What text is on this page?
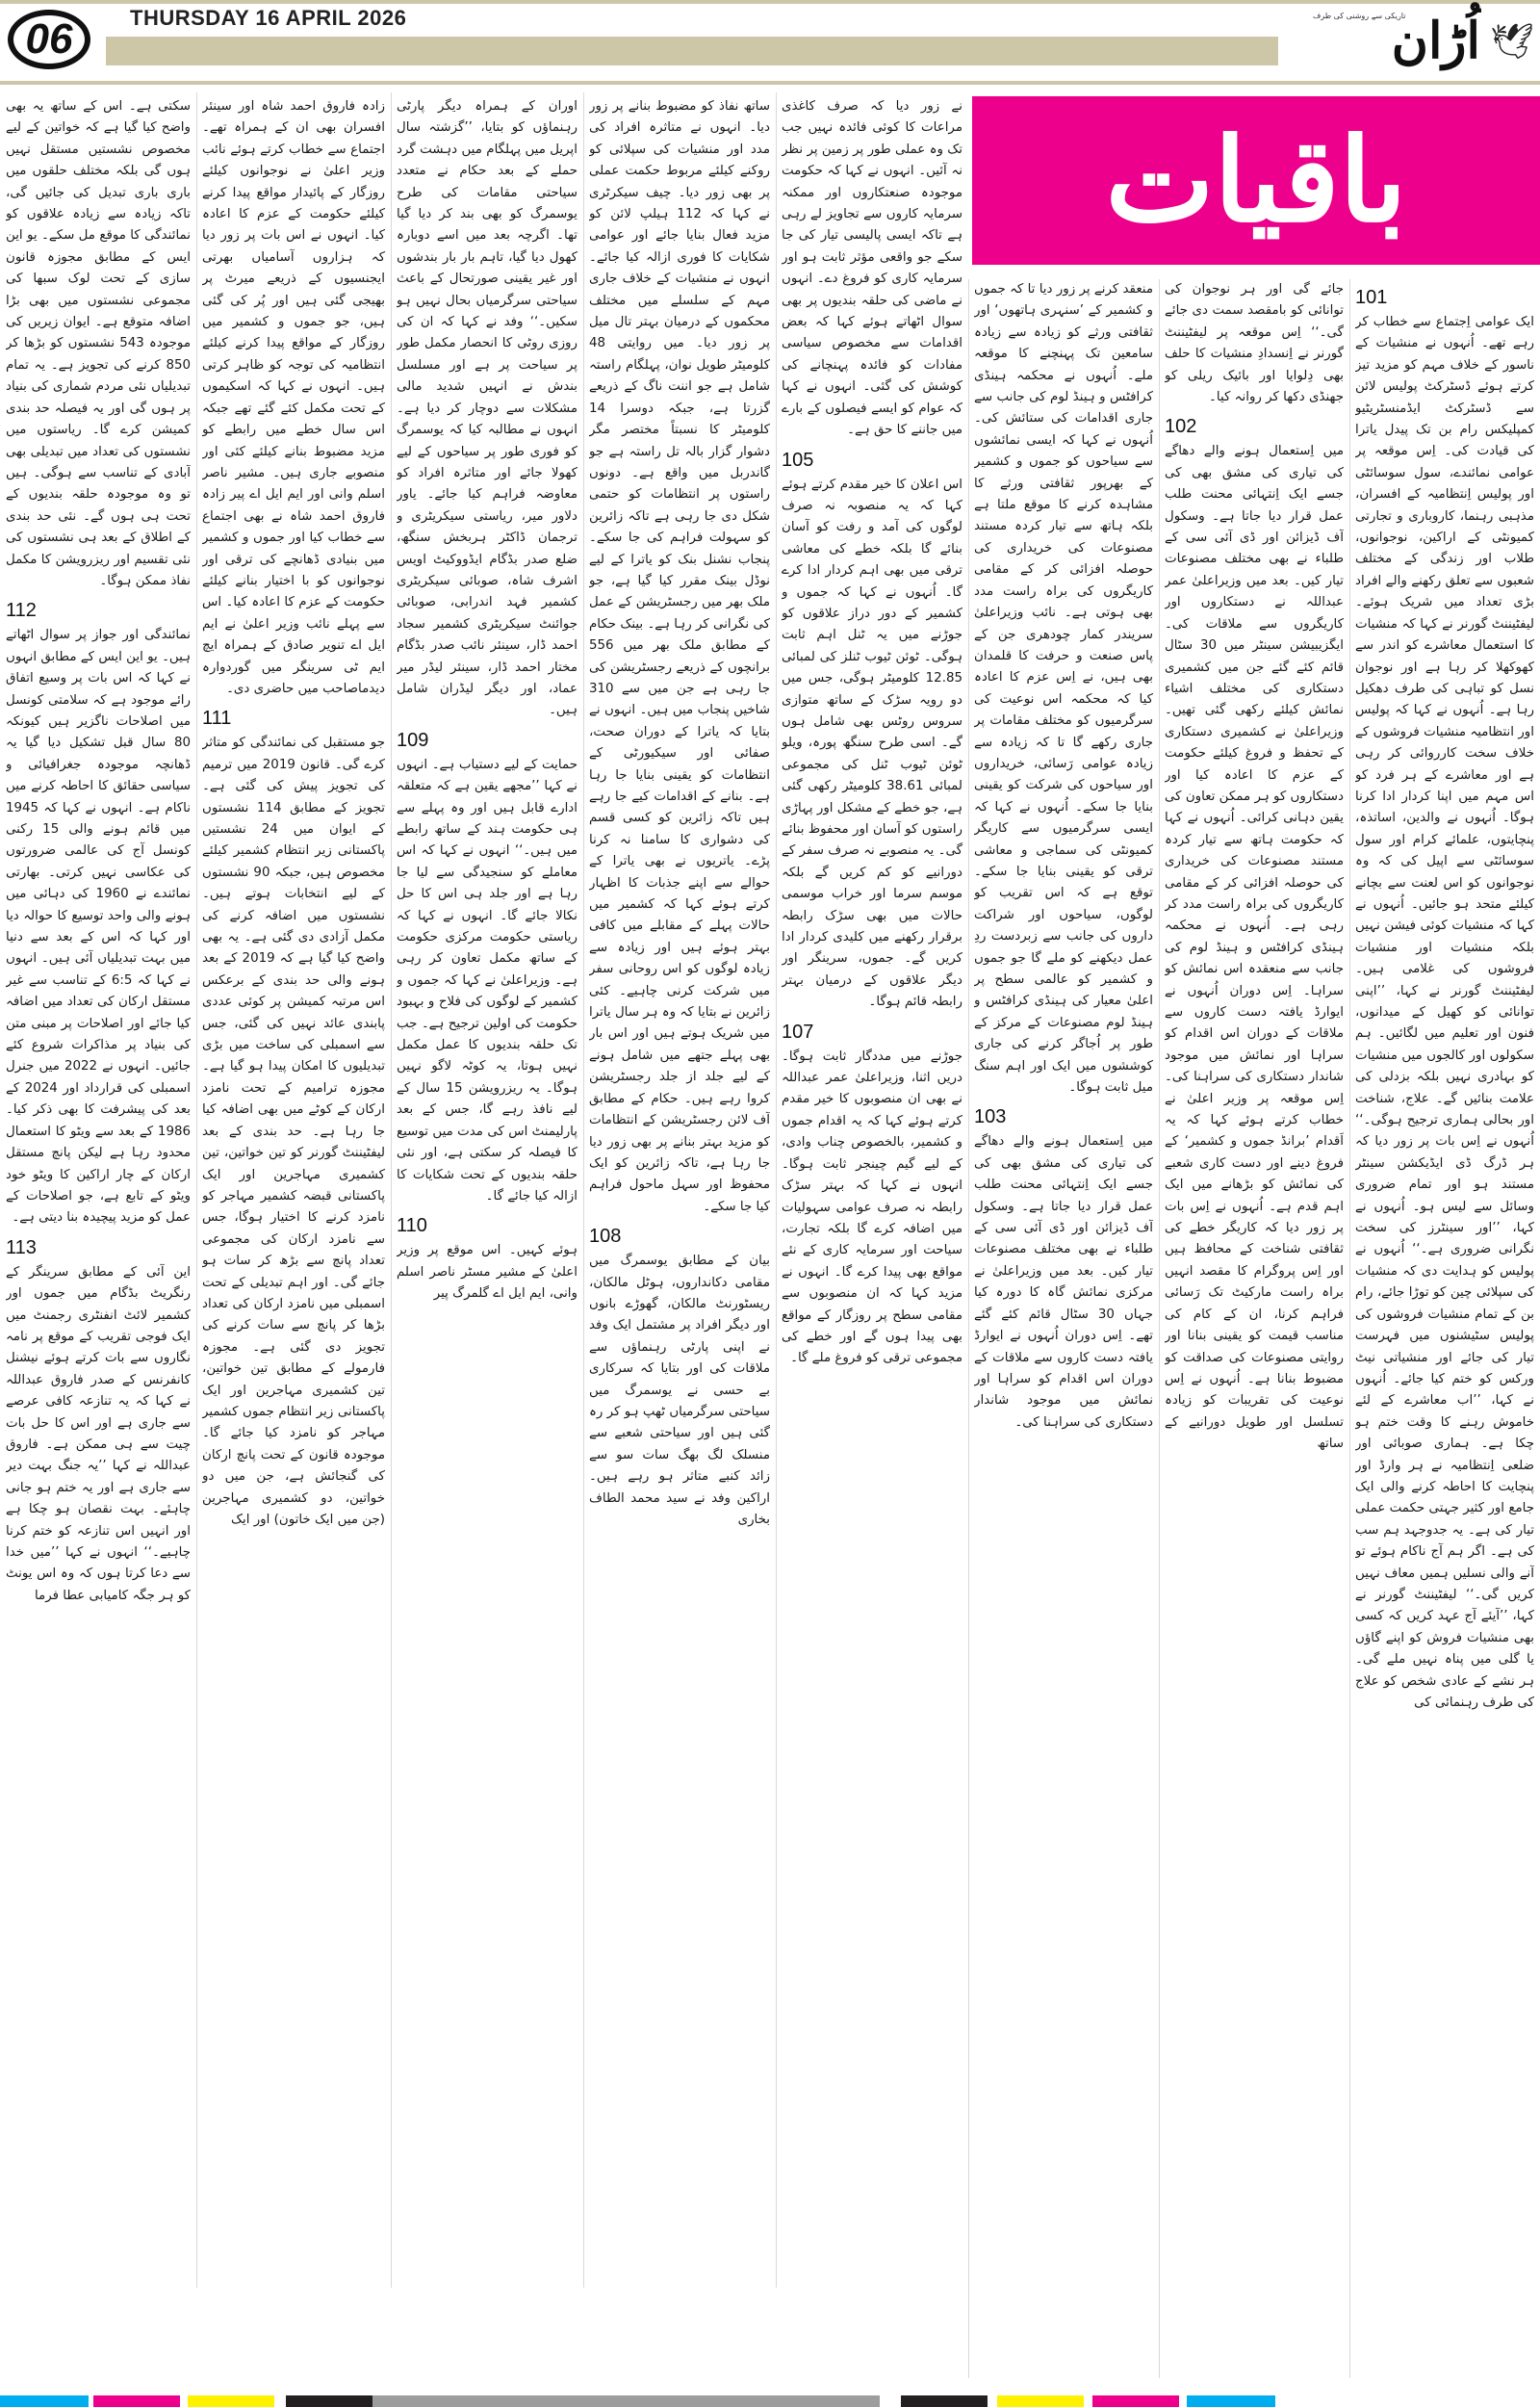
06	THURSDAY 16 APRIL 2026	تاریکی سے روشنی کی طرف
اُڑان 🕊
باقیات
101

ایک عوامی اِجتماع سے خطاب کر رہے تھے۔ اُنہوں نے منشیات کے ناسور کے خلاف مہم کو مزید تیز کرتے ہوئے ڈسٹرکٹ پولیس لائن سے ڈسٹرکٹ ایڈمنسٹریٹیو کمپلیکس رام بن تک پیدل یاترا کی قیادت کی۔ اِس موقعہ پر عوامی نمائندے، سول سوسائٹی اور پولیس اِنتظامیہ کے افسران، مذہبی رہنما، کاروباری و تجارتی کمیونٹی کے اراکین، نوجوانوں، طلاب اور زندگی کے مختلف شعبوں سے تعلق رکھنے والے افراد بڑی تعداد میں شریک ہوئے۔ لیفٹیننٹ گورنر نے کہا کہ منشیات کا استعمال معاشرے کو اندر سے کھوکھلا کر رہا ہے اور نوجوان نسل کو تباہی کی طرف دھکیل رہا ہے۔ اُنہوں نے کہا کہ پولیس اور انتظامیہ منشیات فروشوں کے خلاف سخت کارروائی کر رہی ہے اور معاشرے کے ہر فرد کو اس مہم میں اپنا کردار ادا کرنا ہوگا۔ اُنہوں نے والدین، اساتذہ، پنچایتوں، علمائے کرام اور سول سوسائٹی سے اپیل کی کہ وہ نوجوانوں کو اس لعنت سے بچانے کیلئے متحد ہو جائیں۔ اُنہوں نے کہا کہ منشیات کوئی فیشن نہیں بلکہ منشیات اور منشیات فروشوں کی غلامی ہیں۔ لیفٹیننٹ گورنر نے کہا، ’’اپنی توانائی کو کھیل کے میدانوں، فنون اور تعلیم میں لگائیں۔ ہم سکولوں اور کالجوں میں منشیات کو بہادری نہیں بلکہ بزدلی کی علامت بنائیں گے۔ علاج، شناخت اور بحالی ہماری ترجیح ہوگی۔‘‘ اُنہوں نے اِس بات پر زور دیا کہ ہر ڈرگ ڈی ایڈیکشن سینٹر مستند ہو اور تمام ضروری وسائل سے لیس ہو۔ اُنہوں نے کہا، ’’اور سینٹرز کی سخت نگرانی ضروری ہے۔‘‘ اُنہوں نے پولیس کو ہدایت دی کہ منشیات کی سپلائی چین کو توڑا جائے، رام بن کے تمام منشیات فروشوں کی پولیس سٹیشنوں میں فہرست تیار کی جائے اور منشیاتی نیٹ ورکس کو ختم کیا جائے۔ اُنہوں نے کہا، ’’اب معاشرے کے لئے خاموش رہنے کا وقت ختم ہو چکا ہے۔ ہماری صوبائی اور ضلعی اِنتظامیہ نے ہر وارڈ اور پنچایت کا احاطہ کرنے والی ایک جامع اور کثیر جہتی حکمت عملی تیار کی ہے۔ یہ جدوجہد ہم سب کی ہے۔ اگر ہم آج ناکام ہوئے تو آنے والی نسلیں ہمیں معاف نہیں کریں گی۔‘‘ لیفٹیننٹ گورنر نے کہا، ’’آیئے آج عہد کریں کہ کسی بھی منشیات فروش کو اپنے گاؤں یا گلی میں پناہ نہیں ملے گی۔ ہر نشے کے عادی شخص کو علاج کی طرف رہنمائی کی

جائے گی اور ہر نوجوان کی توانائی کو بامقصد سمت دی جائے گی۔‘‘ اِس موقعہ پر لیفٹیننٹ گورنر نے اِنسدادِ منشیات کا حلف بھی دِلوایا اور بائیک ریلی کو جھنڈی دکھا کر روانہ کیا۔

102

میں اِستعمال ہونے والے دھاگے کی تیاری کی مشق بھی کی جسے ایک اِنتہائی محنت طلب عمل قرار دیا جاتا ہے۔ وسکول آف ڈیزائن اور ڈی آئی سی کے طلباء نے بھی مختلف مصنوعات تیار کیں۔ بعد میں وزیراعلیٰ عمر عبداللہ نے دستکاروں اور کاریگروں سے ملاقات کی۔ ایگزیبیشن سینٹر میں 30 سٹال قائم کئے گئے جن میں کشمیری دستکاری کی مختلف اشیاء نمائش کیلئے رکھی گئی تھیں۔ وزیراعلیٰ نے کشمیری دستکاری کے تحفظ و فروغ کیلئے حکومت کے عزم کا اعادہ کیا اور دستکاروں کو ہر ممکن تعاون کی یقین دہانی کرائی۔ اُنہوں نے کہا کہ حکومت ہاتھ سے تیار کردہ مستند مصنوعات کی خریداری کی حوصلہ افزائی کر کے مقامی کاریگروں کی براہ راست مدد کر رہی ہے۔ اُنہوں نے محکمہ ہینڈی کرافٹس و ہینڈ لوم کی جانب سے منعقدہ اس نمائش کو سراہا۔ اِس دوران اُنہوں نے ایوارڈ یافتہ دست کاروں سے ملاقات کے دوران اس اقدام کو سراہا اور نمائش میں موجود شاندار دستکاری کی سراہنا کی۔ اِس موقعہ پر وزیر اعلیٰ نے خطاب کرتے ہوئے کہا کہ یہ اَقدام ’برانڈ جموں و کشمیر‘ کے فروغ دینے اور دست کاری شعبے کی نمائش کو بڑھانے میں ایک اہم قدم ہے۔ اُنہوں نے اِس بات پر زور دیا کہ کاریگر خطے کی ثقافتی شناخت کے محافظ ہیں اور اِس پروگرام کا مقصد انہیں براہ راست مارکیٹ تک رَسائی فراہم کرنا، ان کے کام کی مناسب قیمت کو یقینی بنانا اور روایتی مصنوعات کی صداقت کو مضبوط بنانا ہے۔ اُنہوں نے اِس نوعیت کی تقریبات کو زیادہ تسلسل اور طویل دورانیے کے ساتھ

منعقد کرنے پر زور دیا تا کہ جموں و کشمیر کے ’سنہری ہاتھوں‘ اور ثقافتی ورثے کو زیادہ سے زیادہ سامعین تک پہنچنے کا موقعہ ملے۔ اُنہوں نے محکمہ ہینڈی کرافٹس و ہینڈ لوم کی جانب سے جاری اقدامات کی ستائش کی۔ اُنہوں نے کہا کہ ایسی نمائشوں سے سیاحوں کو جموں و کشمیر کے بھرپور ثقافتی ورثے کا مشاہدہ کرنے کا موقع ملتا ہے بلکہ ہاتھ سے تیار کردہ مستند مصنوعات کی خریداری کی حوصلہ افزائی کر کے مقامی کاریگروں کی براہ راست مدد بھی ہوتی ہے۔ نائب وزیراعلیٰ سریندر کمار چودھری جن کے پاس صنعت و حرفت کا قلمدان بھی ہیں، نے اِس عزم کا اعادہ کیا کہ محکمہ اس نوعیت کی سرگرمیوں کو مختلف مقامات پر جاری رکھے گا تا کہ زیادہ سے زیادہ عوامی رَسائی، خریداروں اور سیاحوں کی شرکت کو یقینی بنایا جا سکے۔ اُنہوں نے کہا کہ ایسی سرگرمیوں سے کاریگر کمیونٹی کی سماجی و معاشی ترقی کو یقینی بنایا جا سکے۔ توقع ہے کہ اس تقریب کو لوگوں، سیاحوں اور شراکت داروں کی جانب سے زبردست ردِ عمل دیکھنے کو ملے گا جو جموں و کشمیر کو عالمی سطح پر اعلیٰ معیار کی ہینڈی کرافٹس و ہینڈ لوم مصنوعات کے مرکز کے طور پر اُجاگر کرنے کی جاری کوششوں میں ایک اور اہم سنگ میل ثابت ہوگا۔

103

میں اِستعمال ہونے والے دھاگے کی تیاری کی مشق بھی کی جسے ایک اِنتہائی محنت طلب عمل قرار دیا جاتا ہے۔ وسکول آف ڈیزائن اور ڈی آئی سی کے طلباء نے بھی مختلف مصنوعات تیار کیں۔ بعد میں وزیراعلیٰ نے مرکزی نمائش گاہ کا دورہ کیا جہاں 30 سٹال قائم کئے گئے تھے۔ اِس دوران اُنہوں نے ایوارڈ یافتہ دست کاروں سے ملاقات کے دوران اس اقدام کو سراہا اور نمائش میں موجود شاندار دستکاری کی سراہنا کی۔

نے زور دیا کہ صرف کاغذی مراعات کا کوئی فائدہ نہیں جب تک وہ عملی طور پر زمین پر نظر نہ آئیں۔ انہوں نے کہا کہ حکومت موجودہ صنعتکاروں اور ممکنہ سرمایہ کاروں سے تجاویز لے رہی ہے تاکہ ایسی پالیسی تیار کی جا سکے جو واقعی مؤثر ثابت ہو اور سرمایہ کاری کو فروغ دے۔ انہوں نے ماضی کی حلقہ بندیوں پر بھی سوال اٹھاتے ہوئے کہا کہ بعض اقدامات سے مخصوص سیاسی مفادات کو فائدہ پہنچانے کی کوشش کی گئی۔ انہوں نے کہا کہ عوام کو ایسے فیصلوں کے بارے میں جاننے کا حق ہے۔

105

اس اعلان کا خیر مقدم کرتے ہوئے کہا کہ یہ منصوبہ نہ صرف لوگوں کی آمد و رفت کو آسان بنائے گا بلکہ خطے کی معاشی ترقی میں بھی اہم کردار ادا کرے گا۔ اُنہوں نے کہا کہ جموں و کشمیر کے دور دراز علاقوں کو جوڑنے میں یہ ٹنل اہم ثابت ہوگی۔ ٹوئن ٹیوب ٹنلز کی لمبائی 12.85 کلومیٹر ہوگی، جس میں دو رویہ سڑک کے ساتھ متوازی سروس روٹس بھی شامل ہوں گے۔ اسی طرح سنگھ پورہ، ویلو ٹوئن ٹیوب ٹنل کی مجموعی لمبائی 38.61 کلومیٹر رکھی گئی ہے، جو خطے کے مشکل اور پہاڑی راستوں کو آسان اور محفوظ بنائے گی۔ یہ منصوبے نہ صرف سفر کے دورانیے کو کم کریں گے بلکہ موسم سرما اور خراب موسمی حالات میں بھی سڑک رابطہ برقرار رکھنے میں کلیدی کردار ادا کریں گے۔ جموں، سرینگر اور دیگر علاقوں کے درمیان بہتر رابطہ قائم ہوگا۔

107

جوڑنے میں مددگار ثابت ہوگا۔ دریں اثنا، وزیراعلیٰ عمر عبداللہ نے بھی ان منصوبوں کا خیر مقدم کرتے ہوئے کہا کہ یہ اقدام جموں و کشمیر، بالخصوص چناب وادی، کے لیے گیم چینجر ثابت ہوگا۔ انہوں نے کہا کہ بہتر سڑک رابطہ نہ صرف عوامی سہولیات میں اضافہ کرے گا بلکہ تجارت، سیاحت اور سرمایہ کاری کے نئے مواقع بھی پیدا کرے گا۔ انہوں نے مزید کہا کہ ان منصوبوں سے مقامی سطح پر روزگار کے مواقع بھی پیدا ہوں گے اور خطے کی مجموعی ترقی کو فروغ ملے گا۔

ساتھ نفاذ کو مضبوط بنانے پر زور دیا۔ انہوں نے متاثرہ افراد کی مدد اور منشیات کی سپلائی کو روکنے کیلئے مربوط حکمت عملی پر بھی زور دیا۔ چیف سیکرٹری نے کہا کہ 112 ہیلپ لائن کو مزید فعال بنایا جائے اور عوامی شکایات کا فوری ازالہ کیا جائے۔ انہوں نے منشیات کے خلاف جاری مہم کے سلسلے میں مختلف محکموں کے درمیان بہتر تال میل پر زور دیا۔ میں روایتی 48 کلومیٹر طویل نوان، پہلگام راستہ شامل ہے جو اننت ناگ کے ذریعے گزرتا ہے، جبکہ دوسرا 14 کلومیٹر کا نسبتاً مختصر مگر دشوار گزار بالہ تل راستہ ہے جو گاندربل میں واقع ہے۔ دونوں راستوں پر انتظامات کو حتمی شکل دی جا رہی ہے تاکہ زائرین کو سہولت فراہم کی جا سکے۔ پنجاب نشنل بنک کو یاترا کے لیے نوڈل بینک مقرر کیا گیا ہے، جو ملک بھر میں رجسٹریشن کے عمل کی نگرانی کر رہا ہے۔ بینک حکام کے مطابق ملک بھر میں 556 برانچوں کے ذریعے رجسٹریشن کی جا رہی ہے جن میں سے 310 شاخیں پنجاب میں ہیں۔ انہوں نے بتایا کہ یاترا کے دوران صحت، صفائی اور سیکیورٹی کے انتظامات کو یقینی بنایا جا رہا ہے۔ بنانے کے اقدامات کیے جا رہے ہیں تاکہ زائرین کو کسی قسم کی دشواری کا سامنا نہ کرنا پڑے۔ یاتریوں نے بھی یاترا کے حوالے سے اپنے جذبات کا اظہار کرتے ہوئے کہا کہ کشمیر میں حالات پہلے کے مقابلے میں کافی بہتر ہوئے ہیں اور زیادہ سے زیادہ لوگوں کو اس روحانی سفر میں شرکت کرنی چاہیے۔ کئی زائرین نے بتایا کہ وہ ہر سال یاترا میں شریک ہوتے ہیں اور اس بار بھی پہلے جتھے میں شامل ہونے کے لیے جلد از جلد رجسٹریشن کروا رہے ہیں۔ حکام کے مطابق آف لائن رجسٹریشن کے انتظامات کو مزید بہتر بنانے پر بھی زور دیا جا رہا ہے، تاکہ زائرین کو ایک محفوظ اور سہل ماحول فراہم کیا جا سکے۔

108

بیان کے مطابق یوسمرگ میں مقامی دکانداروں، ہوٹل مالکان، ریسٹورنٹ مالکان، گھوڑے بانوں اور دیگر افراد پر مشتمل ایک وفد نے اپنی پارٹی رہنماؤں سے ملاقات کی اور بتایا کہ سرکاری بے حسی نے یوسمرگ میں سیاحتی سرگرمیاں ٹھپ ہو کر رہ گئی ہیں اور سیاحتی شعبے سے منسلک لگ بھگ سات سو سے زائد کنبے متاثر ہو رہے ہیں۔ اراکین وفد نے سید محمد الطاف بخاری

اوران کے ہمراہ دیگر پارٹی رہنماؤں کو بتایا، ’’گزشتہ سال اپریل میں پہلگام میں دہشت گرد حملے کے بعد حکام نے متعدد سیاحتی مقامات کی طرح یوسمرگ کو بھی بند کر دیا گیا تھا۔ اگرچہ بعد میں اسے دوبارہ کھول دیا گیا، تاہم بار بار بندشوں اور غیر یقینی صورتحال کے باعث سیاحتی سرگرمیاں بحال نہیں ہو سکیں۔‘‘ وفد نے کہا کہ ان کی روزی روٹی کا انحصار مکمل طور پر سیاحت پر ہے اور مسلسل بندش نے انہیں شدید مالی مشکلات سے دوچار کر دیا ہے۔ انہوں نے مطالبہ کیا کہ یوسمرگ کو فوری طور پر سیاحوں کے لیے کھولا جائے اور متاثرہ افراد کو معاوضہ فراہم کیا جائے۔ یاور دلاور میر، ریاستی سیکریٹری و ترجمان ڈاکٹر ہربخش سنگھ، ضلع صدر بڈگام ایڈووکیٹ اویس اشرف شاہ، صوبائی سیکریٹری کشمیر فہد اندرابی، صوبائی جوائنٹ سیکریٹری کشمیر سجاد احمد ڈار، سینئر نائب صدر بڈگام مختار احمد ڈار، سینئر لیڈر میر عماد، اور دیگر لیڈران شامل ہیں۔

109

حمایت کے لیے دستیاب ہے۔ انہوں نے کہا ’’مجھے یقین ہے کہ متعلقہ ادارے قابل ہیں اور وہ پہلے سے ہی حکومت ہند کے ساتھ رابطے میں ہیں۔‘‘ انہوں نے کہا کہ اس معاملے کو سنجیدگی سے لیا جا رہا ہے اور جلد ہی اس کا حل نکالا جائے گا۔ انہوں نے کہا کہ ریاستی حکومت مرکزی حکومت کے ساتھ مکمل تعاون کر رہی ہے۔ وزیراعلیٰ نے کہا کہ جموں و کشمیر کے لوگوں کی فلاح و بہبود حکومت کی اولین ترجیح ہے۔ جب تک حلقہ بندیوں کا عمل مکمل نہیں ہوتا، یہ کوٹہ لاگو نہیں ہوگا۔ یہ ریزرویشن 15 سال کے لیے نافذ رہے گا، جس کے بعد پارلیمنٹ اس کی مدت میں توسیع کا فیصلہ کر سکتی ہے، اور نئی حلقہ بندیوں کے تحت شکایات کا ازالہ کیا جائے گا۔

110

ہوئے کہیں۔ اس موقع پر وزیر اعلیٰ کے مشیر مسٹر ناصر اسلم وانی، ایم ایل اے گلمرگ پیر

زادہ فاروق احمد شاہ اور سینئر افسران بھی ان کے ہمراہ تھے۔ اجتماع سے خطاب کرتے ہوئے نائب وزیر اعلیٰ نے نوجوانوں کیلئے روزگار کے پائیدار مواقع پیدا کرنے کیلئے حکومت کے عزم کا اعادہ کیا۔ انہوں نے اس بات پر زور دیا کہ ہزاروں آسامیاں بھرتی ایجنسیوں کے ذریعے میرٹ پر بھیجی گئی ہیں اور پُر کی گئی ہیں، جو جموں و کشمیر میں روزگار کے مواقع پیدا کرنے کیلئے انتظامیہ کی توجہ کو ظاہر کرتی ہیں۔ انہوں نے کہا کہ اسکیموں کے تحت مکمل کئے گئے تھے جبکہ اس سال خطے میں رابطے کو مزید مضبوط بنانے کیلئے کئی اور منصوبے جاری ہیں۔ مشیر ناصر اسلم وانی اور ایم ایل اے پیر زادہ فاروق احمد شاہ نے بھی اجتماع سے خطاب کیا اور جموں و کشمیر میں بنیادی ڈھانچے کی ترقی اور نوجوانوں کو با اختیار بنانے کیلئے حکومت کے عزم کا اعادہ کیا۔ اس سے پہلے نائب وزیر اعلیٰ نے ایم ایل اے تنویر صادق کے ہمراہ ایچ ایم ٹی سرینگر میں گوردوارہ دیدماصاحب میں حاضری دی۔

111

جو مستقبل کی نمائندگی کو متاثر کرے گی۔ قانون 2019 میں ترمیم کی تجویز پیش کی گئی ہے۔ تجویز کے مطابق 114 نشستوں کے ایوان میں 24 نشستیں پاکستانی زیر انتظام کشمیر کیلئے مخصوص ہیں، جبکہ 90 نشستوں کے لیے انتخابات ہوتے ہیں۔ نشستوں میں اضافہ کرنے کی مکمل آزادی دی گئی ہے۔ یہ بھی واضح کیا گیا ہے کہ 2019 کے بعد ہونے والی حد بندی کے برعکس اس مرتبہ کمیشن پر کوئی عددی پابندی عائد نہیں کی گئی، جس سے اسمبلی کی ساخت میں بڑی تبدیلیوں کا امکان پیدا ہو گیا ہے۔ مجوزہ ترامیم کے تحت نامزد ارکان کے کوٹے میں بھی اضافہ کیا جا رہا ہے۔ حد بندی کے بعد لیفٹیننٹ گورنر کو تین خواتین، تین کشمیری مہاجرین اور ایک پاکستانی قبضہ کشمیر مہاجر کو نامزد کرنے کا اختیار ہوگا، جس سے نامزد ارکان کی مجموعی تعداد پانچ سے بڑھ کر سات ہو جائے گی۔ اور اہم تبدیلی کے تحت اسمبلی میں نامزد ارکان کی تعداد بڑھا کر پانچ سے سات کرنے کی تجویز دی گئی ہے۔ مجوزہ فارمولے کے مطابق تین خواتین، تین کشمیری مہاجرین اور ایک پاکستانی زیر انتظام جموں کشمیر مہاجر کو نامزد کیا جائے گا۔ موجودہ قانون کے تحت پانچ ارکان کی گنجائش ہے، جن میں دو خواتین، دو کشمیری مہاجرین (جن میں ایک خاتون) اور ایک

سکتی ہے۔ اس کے ساتھ یہ بھی واضح کیا گیا ہے کہ خواتین کے لیے مخصوص نشستیں مستقل نہیں ہوں گی بلکہ مختلف حلقوں میں باری باری تبدیل کی جائیں گی، تاکہ زیادہ سے زیادہ علاقوں کو نمائندگی کا موقع مل سکے۔ یو این ایس کے مطابق مجوزہ قانون سازی کے تحت لوک سبھا کی مجموعی نشستوں میں بھی بڑا اضافہ متوقع ہے۔ ایوان زیریں کی موجودہ 543 نشستوں کو بڑھا کر 850 کرنے کی تجویز ہے۔ یہ تمام تبدیلیاں نئی مردم شماری کی بنیاد پر ہوں گی اور یہ فیصلہ حد بندی کمیشن کرے گا۔ ریاستوں میں نشستوں کی تعداد میں تبدیلی بھی آبادی کے تناسب سے ہوگی۔ ہیں تو وہ موجودہ حلقہ بندیوں کے تحت ہی ہوں گے۔ نئی حد بندی کے اطلاق کے بعد ہی نشستوں کی نئی تقسیم اور ریزرویشن کا مکمل نفاذ ممکن ہوگا۔

112

نمائندگی اور جواز پر سوال اٹھاتے ہیں۔ یو این ایس کے مطابق انہوں نے کہا کہ اس بات پر وسیع اتفاق رائے موجود ہے کہ سلامتی کونسل میں اصلاحات ناگزیر ہیں کیونکہ 80 سال قبل تشکیل دیا گیا یہ ڈھانچہ موجودہ جغرافیائی و سیاسی حقائق کا احاطہ کرنے میں ناکام ہے۔ انہوں نے کہا کہ 1945 میں قائم ہونے والی 15 رکنی کونسل آج کی عالمی ضرورتوں کی عکاسی نہیں کرتی۔ بھارتی نمائندے نے 1960 کی دہائی میں ہونے والی واحد توسیع کا حوالہ دیا اور کہا کہ اس کے بعد سے دنیا میں بہت تبدیلیاں آئی ہیں۔ انہوں نے کہا کہ 6:5 کے تناسب سے غیر مستقل ارکان کی تعداد میں اضافہ کیا جائے اور اصلاحات پر مبنی متن کی بنیاد پر مذاکرات شروع کئے جائیں۔ انہوں نے 2022 میں جنرل اسمبلی کی قرارداد اور 2024 کے بعد کی پیشرفت کا بھی ذکر کیا۔ 1986 کے بعد سے ویٹو کا استعمال محدود رہا ہے لیکن پانچ مستقل ارکان کے چار اراکین کا ویٹو خود ویٹو کے تابع ہے، جو اصلاحات کے عمل کو مزید پیچیدہ بنا دیتی ہے۔

113

این آئی کے مطابق سرینگر کے رنگریٹ بڈگام میں جموں اور کشمیر لائٹ انفنٹری رجمنٹ میں ایک فوجی تقریب کے موقع پر نامہ نگاروں سے بات کرتے ہوئے نیشنل کانفرنس کے صدر فاروق عبداللہ نے کہا کہ یہ تنازعہ کافی عرصے سے جاری ہے اور اس کا حل بات چیت سے ہی ممکن ہے۔ فاروق عبداللہ نے کہا ’’یہ جنگ بہت دیر سے جاری ہے اور یہ ختم ہو جانی چاہئے۔ بہت نقصان ہو چکا ہے اور انہیں اس تنازعہ کو ختم کرنا چاہیے۔‘‘ انہوں نے کہا ’’میں خدا سے دعا کرتا ہوں کہ وہ اس یونٹ کو ہر جگہ کامیابی عطا فرما
